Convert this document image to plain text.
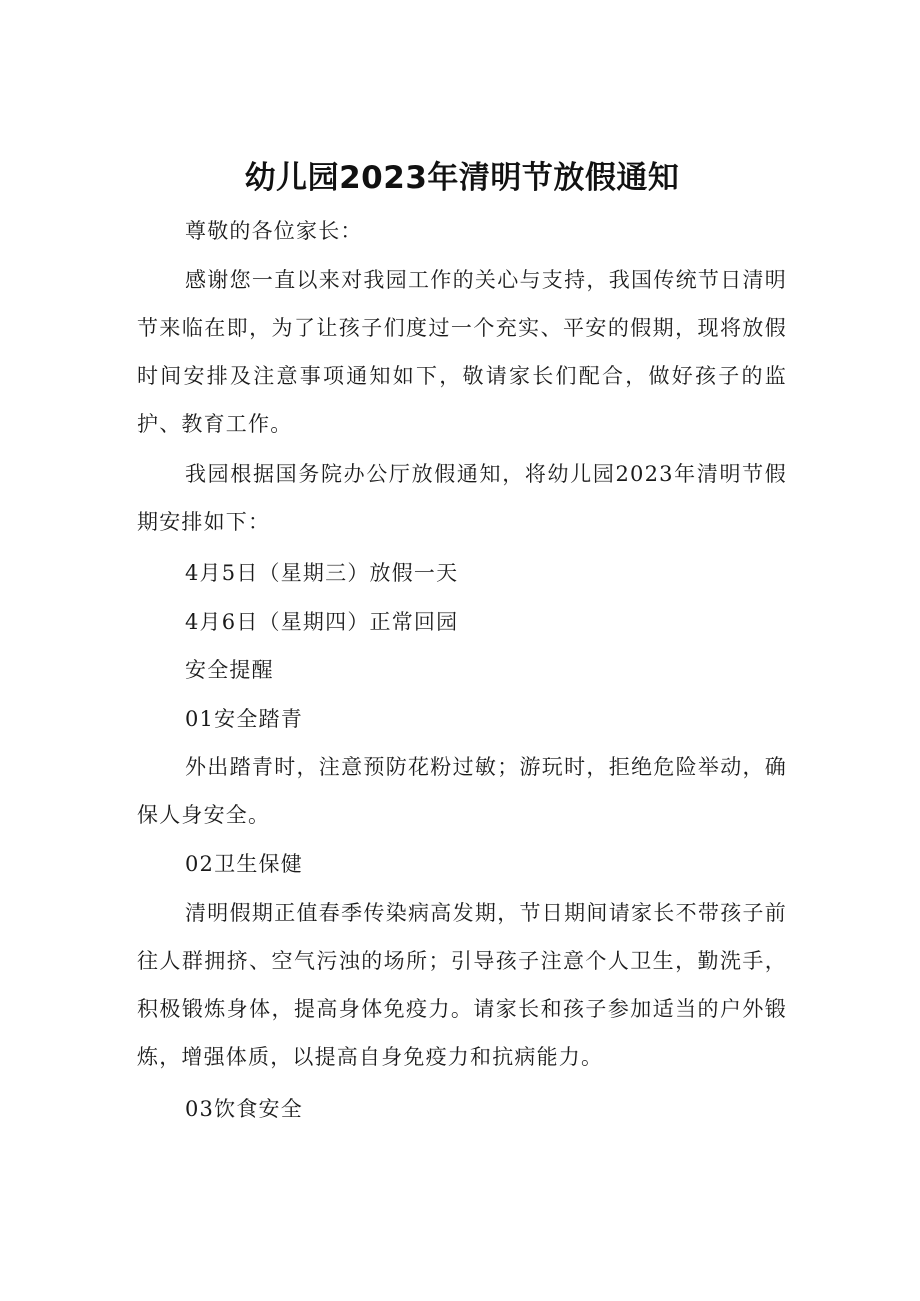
幼儿园2023年清明节放假通知

尊敬的各位家长：

感谢您一直以来对我园工作的关心与支持，我国传统节日清明节来临在即，为了让孩子们度过一个充实、平安的假期，现将放假时间安排及注意事项通知如下，敬请家长们配合，做好孩子的监护、教育工作。

我园根据国务院办公厅放假通知，将幼儿园2023年清明节假期安排如下：

4月5日（星期三）放假一天

4月6日（星期四）正常回园

安全提醒

01安全踏青

外出踏青时，注意预防花粉过敏；游玩时，拒绝危险举动，确保人身安全。

02卫生保健

清明假期正值春季传染病高发期，节日期间请家长不带孩子前往人群拥挤、空气污浊的场所；引导孩子注意个人卫生，勤洗手，积极锻炼身体，提高身体免疫力。请家长和孩子参加适当的户外锻炼，增强体质，以提高自身免疫力和抗病能力。

03饮食安全
